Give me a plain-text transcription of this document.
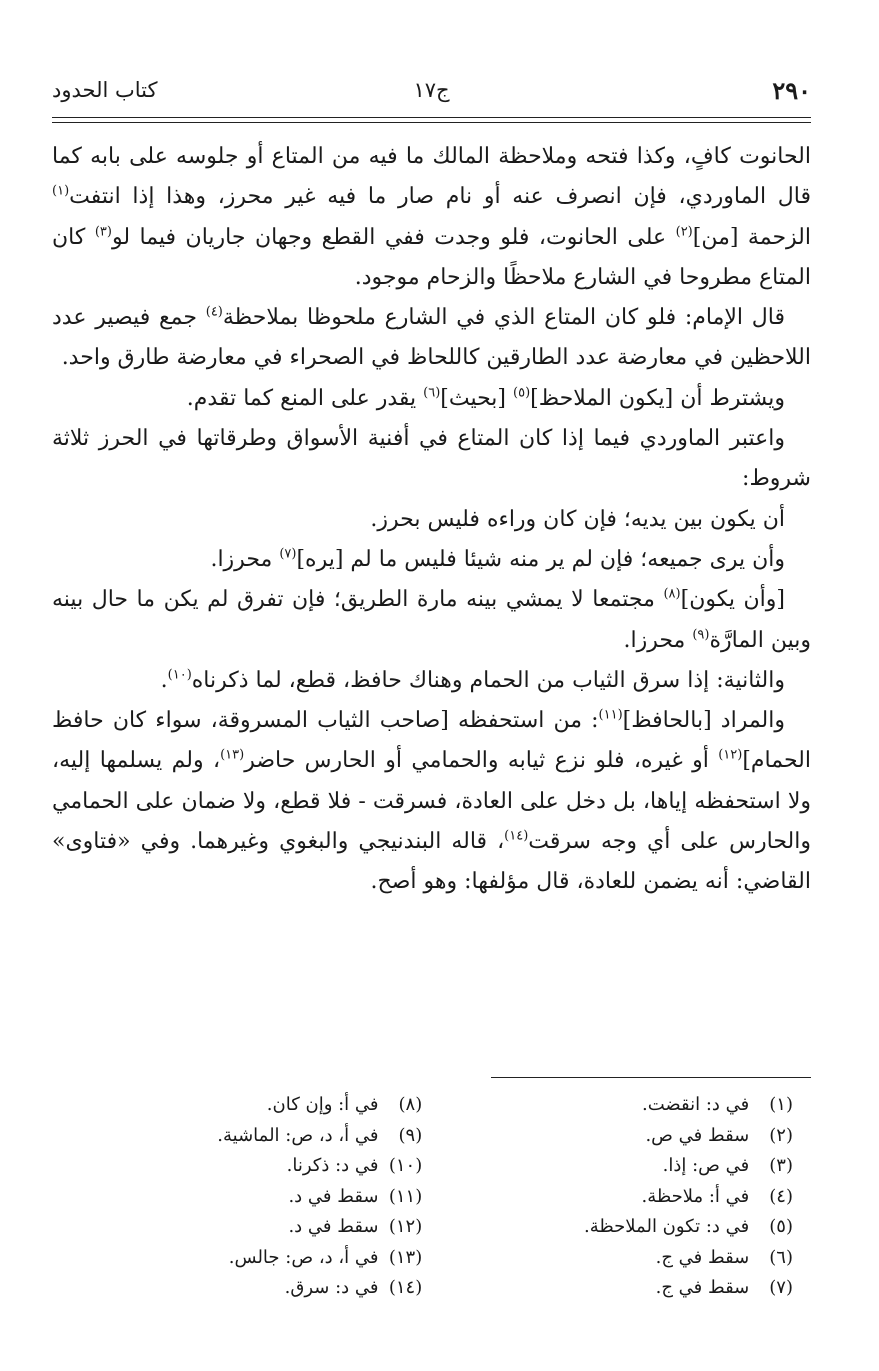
كتاب الحدود	ج١٧	٢٩٠

الحانوت كافٍ، وكذا فتحه وملاحظة المالك ما فيه من المتاع أو جلوسه على بابه كما قال الماوردي، فإن انصرف عنه أو نام صار ما فيه غير محرز، وهذا إذا انتفت$^{(١)}$ الزحمة [من]$^{(٢)}$ على الحانوت، فلو وجدت ففي القطع وجهان جاريان فيما لو$^{(٣)}$ كان المتاع مطروحا في الشارع ملاحظًا والزحام موجود.

قال الإمام: فلو كان المتاع الذي في الشارع ملحوظا بملاحظة$^{(٤)}$ جمع فيصير عدد اللاحظين في معارضة عدد الطارقين كاللحاظ في الصحراء في معارضة طارق واحد.

ويشترط أن [يكون الملاحظ]$^{(٥)}$ [بحيث]$^{(٦)}$ يقدر على المنع كما تقدم.

واعتبر الماوردي فيما إذا كان المتاع في أفنية الأسواق وطرقاتها في الحرز ثلاثة شروط:

أن يكون بين يديه؛ فإن كان وراءه فليس بحرز.

وأن يرى جميعه؛ فإن لم ير منه شيئا فليس ما لم [يره]$^{(٧)}$ محرزا.

[وأن يكون]$^{(٨)}$ مجتمعا لا يمشي بينه مارة الطريق؛ فإن تفرق لم يكن ما حال بينه وبين المارَّة$^{(٩)}$ محرزا.

والثانية: إذا سرق الثياب من الحمام وهناك حافظ، قطع، لما ذكرناه$^{(١٠)}$.

والمراد [بالحافظ]$^{(١١)}$: من استحفظه [صاحب الثياب المسروقة، سواء كان حافظ الحمام]$^{(١٢)}$ أو غيره، فلو نزع ثيابه والحمامي أو الحارس حاضر$^{(١٣)}$، ولم يسلمها إليه، ولا استحفظه إياها، بل دخل على العادة، فسرقت - فلا قطع، ولا ضمان على الحمامي والحارس على أي وجه سرقت$^{(١٤)}$، قاله البندنيجي والبغوي وغيرهما. وفي «فتاوى» القاضي: أنه يضمن للعادة، قال مؤلفها: وهو أصح.

(١) في د: انقضت.
(٢) سقط في ص.
(٣) في ص: إذا.
(٤) في أ: ملاحظة.
(٥) في د: تكون الملاحظة.
(٦) سقط في ج.
(٧) سقط في ج.
(٨) في أ: وإن كان.
(٩) في أ، د، ص: الماشية.
(١٠) في د: ذكرنا.
(١١) سقط في د.
(١٢) سقط في د.
(١٣) في أ، د، ص: جالس.
(١٤) في د: سرق.
